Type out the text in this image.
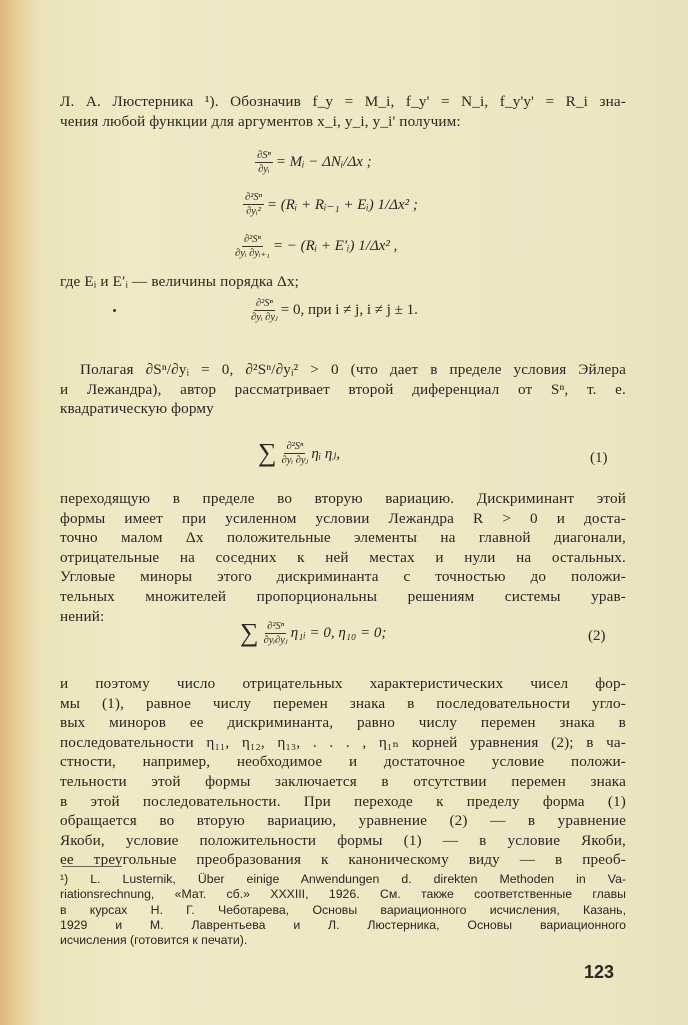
Л. А. Люстерника ¹). Обозначив f_y = M_i, f_y' = N_i, f_y'y' = R_i зна-
чения любой функции для аргументов x_i, y_i, y_i' получим:
$\frac{\text{∂Sⁿ}}{\text{∂yᵢ}}$ = Mᵢ − ΔNᵢ/Δx ;
$\frac{\text{∂²Sⁿ}}{\text{∂yᵢ²}}$ = (Rᵢ + Rᵢ₋₁ + Eᵢ) 1/Δx² ;
$\frac{\text{∂²Sⁿ}}{\text{∂yᵢ ∂yᵢ₊₁}}$ = − (Rᵢ + E′ᵢ) 1/Δx² ,
где Eᵢ и E′ᵢ — величины порядка Δx;
$\frac{\text{∂²Sⁿ}}{\text{∂yᵢ ∂yⱼ}} = 0$, при i ≠ j, i ≠ j ± 1.
Полагая ∂Sⁿ/∂yᵢ = 0, ∂²Sⁿ/∂yᵢ² > 0 (что дает в пределе условия Эйлера
и Лежандра), автор рассматривает второй диференциал от Sⁿ, т. е.
квадратическую форму
∑ $\frac{\text{∂²Sⁿ}}{\text{∂yᵢ ∂yⱼ}}$ ηᵢ ηⱼ,	(1)
переходящую в пределе во вторую вариацию. Дискриминант этой
формы имеет при усиленном условии Лежандра R > 0 и доста-
точно малом Δx положительные элементы на главной диагонали,
отрицательные на соседних к ней местах и нули на остальных.
Угловые миноры этого дискриминанта с точностью до положи-
тельных множителей пропорциональны решениям системы урав-
нений:
∑ $\frac{\text{∂²Sⁿ}}{\text{∂yᵢ∂yⱼ}}$ η₁ᵢ = 0, η₁₀ = 0;	(2)
и поэтому число отрицательных характеристических чисел фор-
мы (1), равное числу перемен знака в последовательности угло-
вых миноров ее дискриминанта, равно числу перемен знака в
последовательности η₁₁, η₁₂, η₁₃, . . . , η₁ₙ корней уравнения (2); в ча-
стности, например, необходимое и достаточное условие положи-
тельности этой формы заключается в отсутствии перемен знака
в этой последовательности. При переходе к пределу форма (1)
обращается во вторую вариацию, уравнение (2) — в уравнение
Якоби, условие положительности формы (1) — в условие Якоби,
ее треугольные преобразования к каноническому виду — в преоб-
¹) L. Lusternik, Über einige Anwendungen d. direkten Methoden in Va-
riationsrechnung, «Мат. сб.» XXXIII, 1926. См. также соответственные главы
в курсах Н. Г. Чеботарева, Основы вариационного исчисления, Казань,
1929 и М. Лаврентьева и Л. Люстерника, Основы вариационного
исчисления (готовится к печати).
123
